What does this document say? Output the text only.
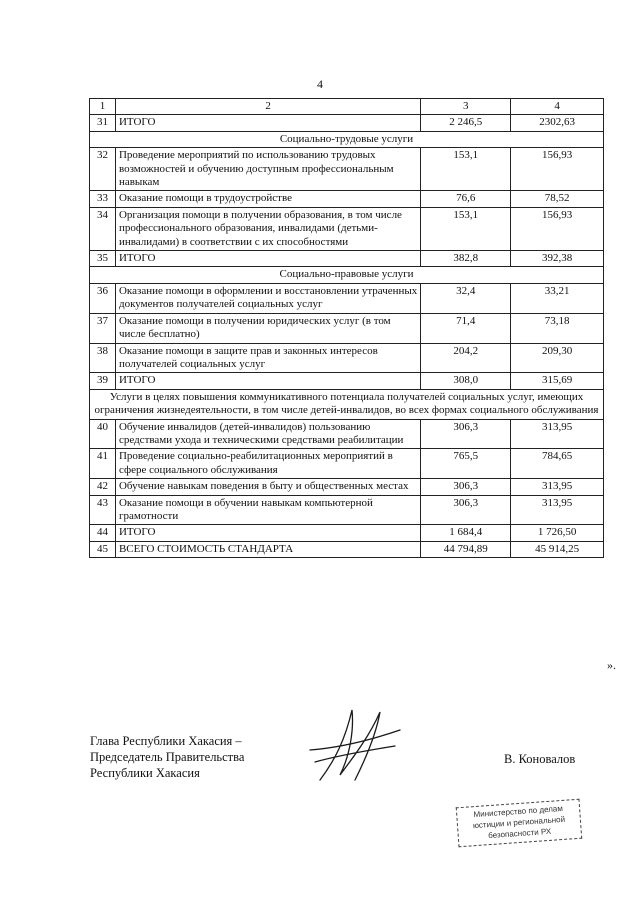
4
1	2	3	4
31	ИТОГО	2 246,5	2302,63
Социально-трудовые услуги			
32	Проведение мероприятий по использованию трудовых возможностей и обучению доступным профессиональным навыкам	153,1	156,93
33	Оказание помощи в трудоустройстве	76,6	78,52
34	Организация помощи в получении образования, в том числе профессионального образования, инвалидами (детьми-инвалидами) в соответствии с их способностями	153,1	156,93
35	ИТОГО	382,8	392,38
Социально-правовые услуги			
36	Оказание помощи в оформлении и восстановлении утраченных документов получателей социальных услуг	32,4	33,21
37	Оказание помощи в получении юридических услуг (в том числе бесплатно)	71,4	73,18
38	Оказание помощи в защите прав и законных интересов получателей социальных услуг	204,2	209,30
39	ИТОГО	308,0	315,69
Услуги в целях повышения коммуникативного потенциала получателей социальных услуг, имеющих ограничения жизнедеятельности, в том числе детей-инвалидов, во всех формах социального обслуживания			
40	Обучение инвалидов (детей-инвалидов) пользованию средствами ухода и техническими средствами реабилитации	306,3	313,95
41	Проведение социально-реабилитационных мероприятий в сфере социального обслуживания	765,5	784,65
42	Обучение навыкам поведения в быту и общественных местах	306,3	313,95
43	Оказание помощи в обучении навыкам компьютерной грамотности	306,3	313,95
44	ИТОГО	1 684,4	1 726,50
45	ВСЕГО СТОИМОСТЬ СТАНДАРТА	44 794,89	45 914,25
».
Глава Республики Хакасия –
Председатель Правительства
Республики Хакасия
В. Коновалов
Министерство по делам
юстиции и региональной
безопасности РХ
